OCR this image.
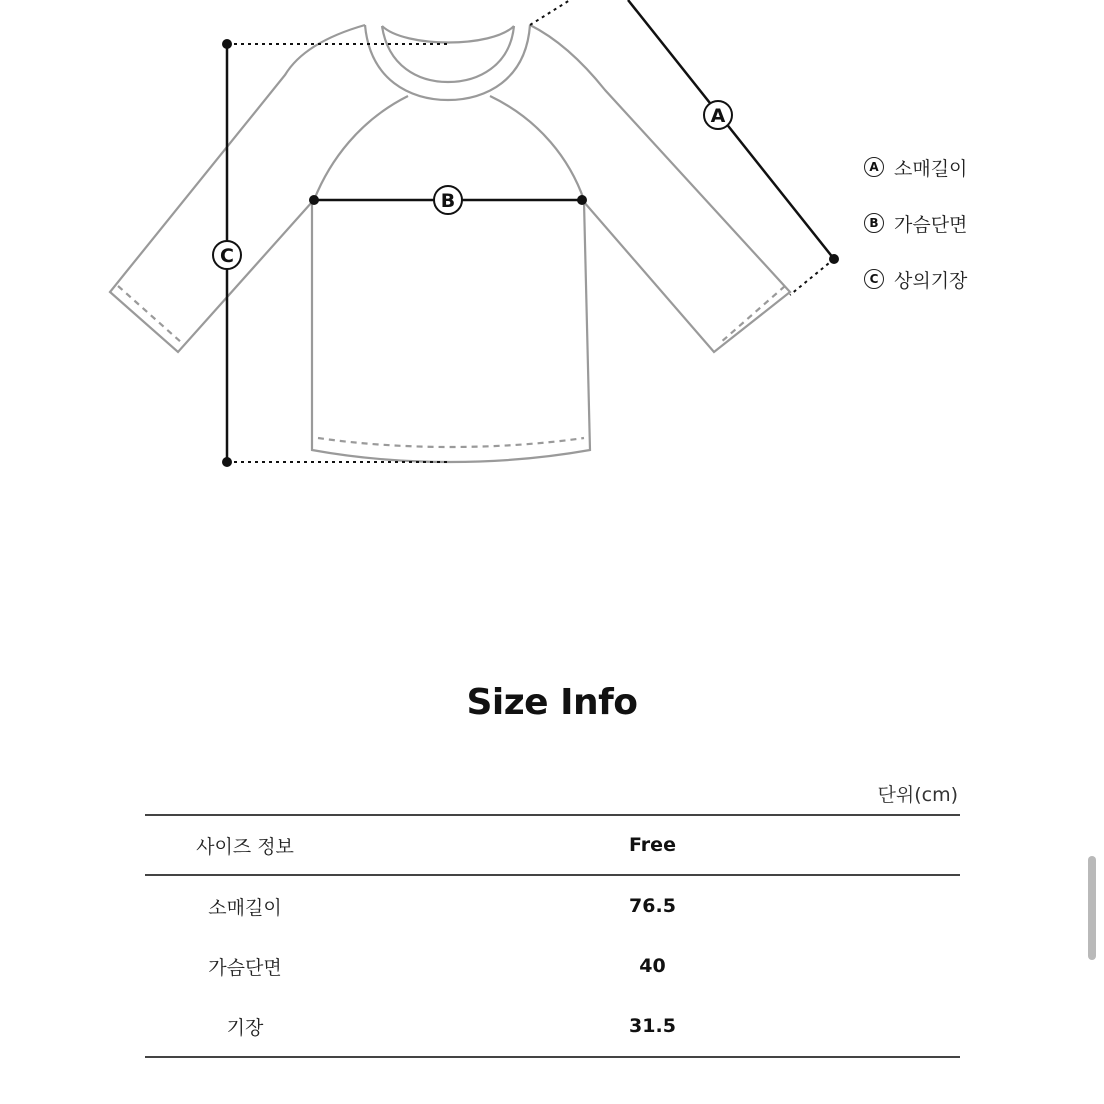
C
B
A
A 소매길이
B 가슴단면
C 상의기장
Size Info
단위(cm)
사이즈 정보	Free
소매길이	76.5
가슴단면	40
기장	31.5
